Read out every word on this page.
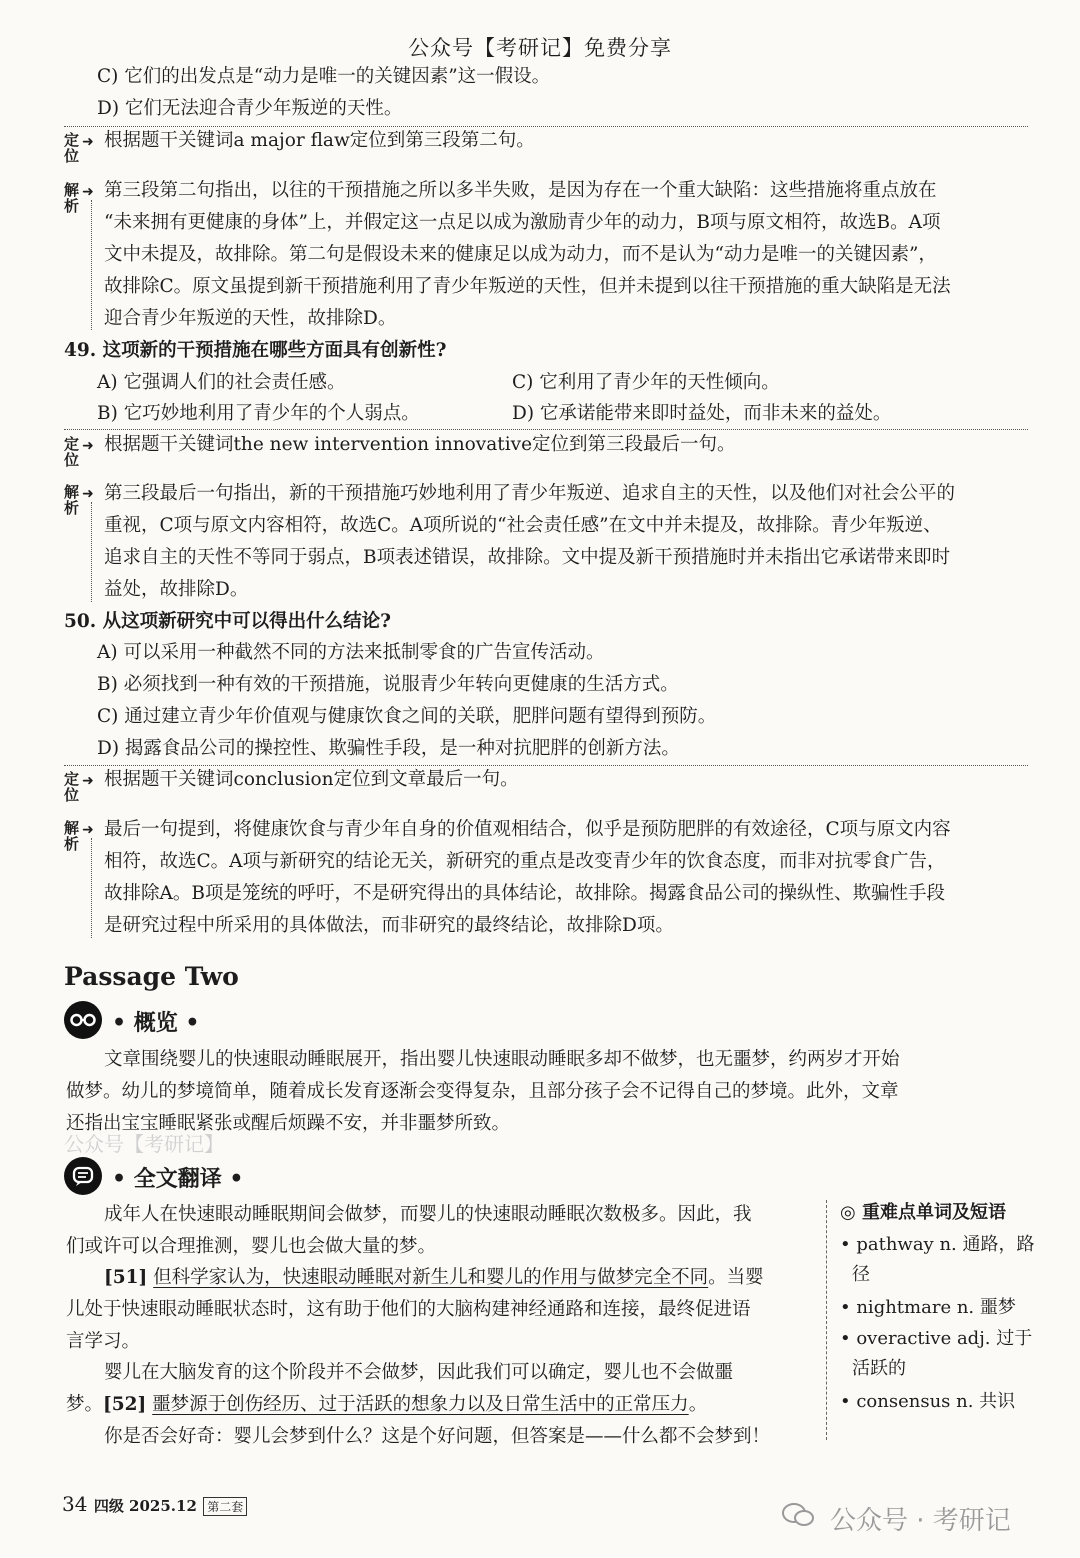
公众号【考研记】免费分享
C) 它们的出发点是“动力是唯一的关键因素”这一假设。
D) 它们无法迎合青少年叛逆的天性。
定
位
➜ 根据题干关键词a major flaw定位到第三段第二句。
解
析
➜ 第三段第二句指出，以往的干预措施之所以多半失败，是因为存在一个重大缺陷：这些措施将重点放在
“未来拥有更健康的身体”上，并假定这一点足以成为激励青少年的动力，B项与原文相符，故选B。A项
文中未提及，故排除。第二句是假设未来的健康足以成为动力，而不是认为“动力是唯一的关键因素”，
故排除C。原文虽提到新干预措施利用了青少年叛逆的天性，但并未提到以往干预措施的重大缺陷是无法
迎合青少年叛逆的天性，故排除D。
49. 这项新的干预措施在哪些方面具有创新性?
A) 它强调人们的社会责任感。	C) 它利用了青少年的天性倾向。
B) 它巧妙地利用了青少年的个人弱点。	D) 它承诺能带来即时益处，而非未来的益处。
定
位
➜ 根据题干关键词the new intervention innovative定位到第三段最后一句。
解
析
➜ 第三段最后一句指出，新的干预措施巧妙地利用了青少年叛逆、追求自主的天性，以及他们对社会公平的
重视，C项与原文内容相符，故选C。A项所说的“社会责任感”在文中并未提及，故排除。青少年叛逆、
追求自主的天性不等同于弱点，B项表述错误，故排除。文中提及新干预措施时并未指出它承诺带来即时
益处，故排除D。
50. 从这项新研究中可以得出什么结论?
A) 可以采用一种截然不同的方法来抵制零食的广告宣传活动。
B) 必须找到一种有效的干预措施，说服青少年转向更健康的生活方式。
C) 通过建立青少年价值观与健康饮食之间的关联，肥胖问题有望得到预防。
D) 揭露食品公司的操控性、欺骗性手段，是一种对抗肥胖的创新方法。
定
位
➜ 根据题干关键词conclusion定位到文章最后一句。
解
析
➜ 最后一句提到，将健康饮食与青少年自身的价值观相结合，似乎是预防肥胖的有效途径，C项与原文内容
相符，故选C。A项与新研究的结论无关，新研究的重点是改变青少年的饮食态度，而非对抗零食广告，
故排除A。B项是笼统的呼吁，不是研究得出的具体结论，故排除。揭露食品公司的操纵性、欺骗性手段
是研究过程中所采用的具体做法，而非研究的最终结论，故排除D项。
Passage Two
• 概览 •
文章围绕婴儿的快速眼动睡眠展开，指出婴儿快速眼动睡眠多却不做梦，也无噩梦，约两岁才开始
做梦。幼儿的梦境简单，随着成长发育逐渐会变得复杂，且部分孩子会不记得自己的梦境。此外，文章
还指出宝宝睡眠紧张或醒后烦躁不安，并非噩梦所致。
公众号【考研记】
• 全文翻译 •
成年人在快速眼动睡眠期间会做梦，而婴儿的快速眼动睡眠次数极多。因此，我
们或许可以合理推测，婴儿也会做大量的梦。
[51] 但科学家认为，快速眼动睡眠对新生儿和婴儿的作用与做梦完全不同。当婴
儿处于快速眼动睡眠状态时，这有助于他们的大脑构建神经通路和连接，最终促进语
言学习。
婴儿在大脑发育的这个阶段并不会做梦，因此我们可以确定，婴儿也不会做噩
梦。[52] 噩梦源于创伤经历、过于活跃的想象力以及日常生活中的正常压力。
你是否会好奇：婴儿会梦到什么？这是个好问题，但答案是——什么都不会梦到！
◎ 重难点单词及短语
• pathway n. 通路，路
径
• nightmare n. 噩梦
• overactive adj. 过于
活跃的
• consensus n. 共识
34 四级 2025.12 第二套	公众号 · 考研记
